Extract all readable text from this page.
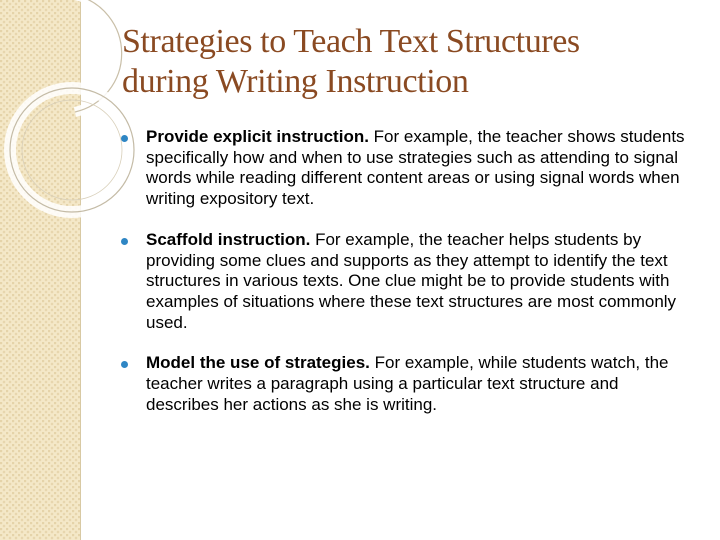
Strategies to Teach Text Structures
during Writing Instruction
Provide explicit instruction. For example, the teacher shows students specifically how and when to use strategies such as attending to signal words while reading different content areas or using signal words when writing expository text.
Scaffold instruction. For example, the teacher helps students by providing some clues and supports as they attempt to identify the text structures in various texts. One clue might be to provide students with examples of situations where these text structures are most commonly used.
Model the use of strategies. For example, while students watch, the teacher writes a paragraph using a particular text structure and describes her actions as she is writing.
